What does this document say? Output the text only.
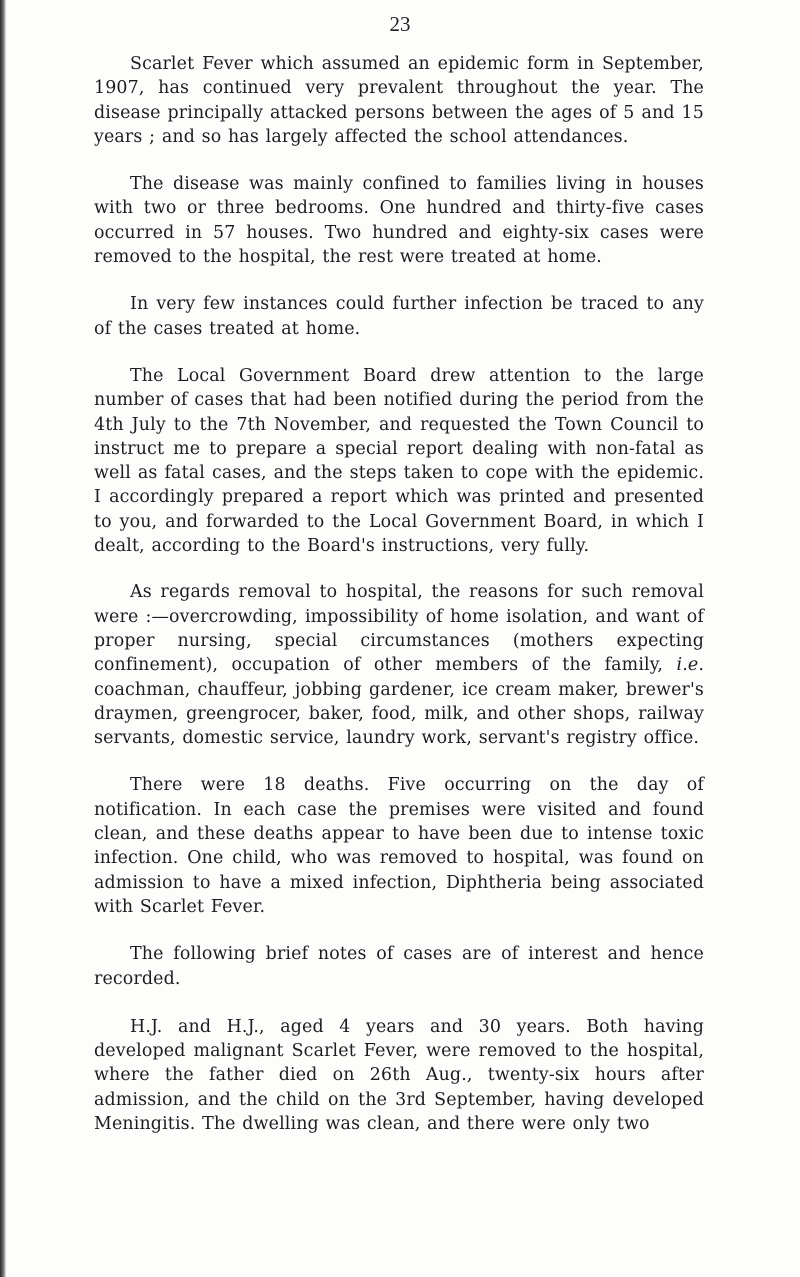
23

Scarlet Fever which assumed an epidemic form in September, 1907, has continued very prevalent throughout the year. The disease principally attacked persons between the ages of 5 and 15 years ; and so has largely affected the school attendances.

The disease was mainly confined to families living in houses with two or three bedrooms. One hundred and thirty-five cases occurred in 57 houses. Two hundred and eighty-six cases were removed to the hospital, the rest were treated at home.

In very few instances could further infection be traced to any of the cases treated at home.

The Local Government Board drew attention to the large number of cases that had been notified during the period from the 4th July to the 7th November, and requested the Town Council to instruct me to prepare a special report dealing with non-fatal as well as fatal cases, and the steps taken to cope with the epidemic. I accordingly prepared a report which was printed and presented to you, and forwarded to the Local Government Board, in which I dealt, according to the Board's instructions, very fully.

As regards removal to hospital, the reasons for such removal were :—overcrowding, impossibility of home isolation, and want of proper nursing, special circumstances (mothers expecting confinement), occupation of other members of the family, i.e. coachman, chauffeur, jobbing gardener, ice cream maker, brewer's draymen, greengrocer, baker, food, milk, and other shops, railway servants, domestic service, laundry work, servant's registry office.

There were 18 deaths. Five occurring on the day of notification. In each case the premises were visited and found clean, and these deaths appear to have been due to intense toxic infection. One child, who was removed to hospital, was found on admission to have a mixed infection, Diphtheria being associated with Scarlet Fever.

The following brief notes of cases are of interest and hence recorded.

H.J. and H.J., aged 4 years and 30 years. Both having developed malignant Scarlet Fever, were removed to the hospital, where the father died on 26th Aug., twenty-six hours after admission, and the child on the 3rd September, having developed Meningitis. The dwelling was clean, and there were only two
